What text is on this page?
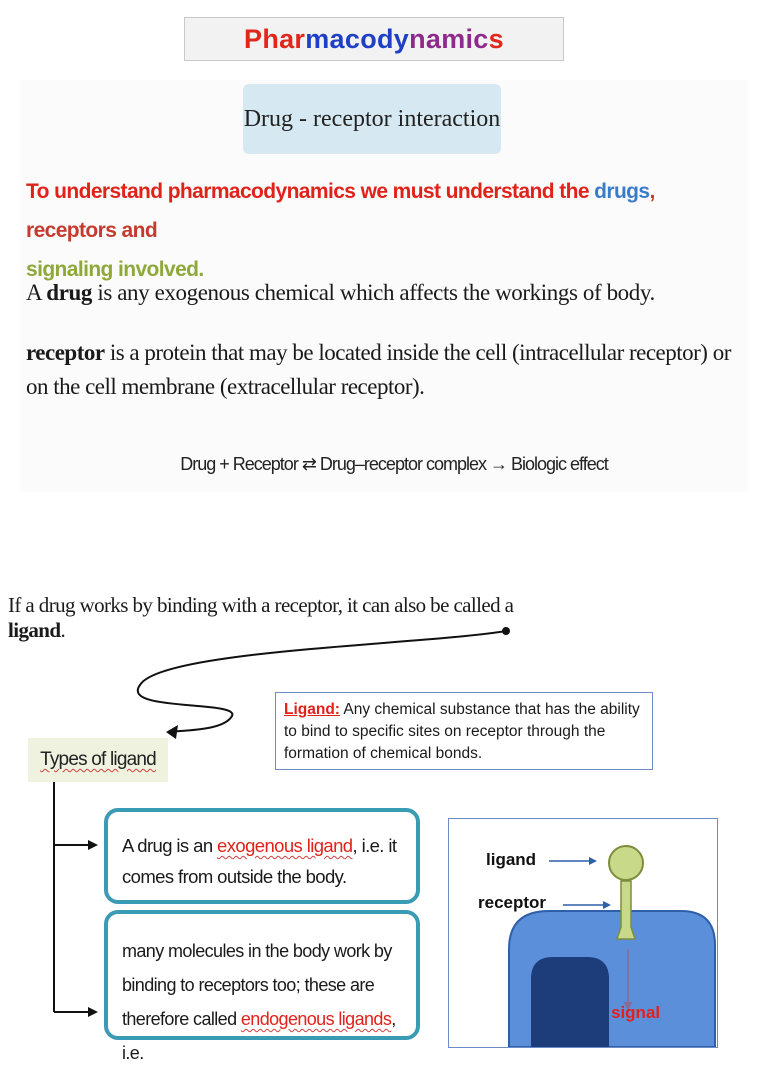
Phar macody namic s
Drug - receptor interaction
To understand pharmacodynamics we must understand the drugs, receptors and
signaling involved.
A drug is any exogenous chemical which affects the workings of body.
receptor is a protein that may be located inside the cell (intracellular receptor) or on the cell membrane (extracellular receptor).
Drug + Receptor ⇄ Drug–receptor complex → Biologic effect
If a drug works by binding with a receptor, it can also be called a ligand.
Ligand: Any chemical substance that has the ability to bind to specific sites on receptor through the formation of chemical bonds.
Types of ligand
A drug is an exogenous ligand, i.e. it comes from outside the body.
many molecules in the body work by binding to receptors too; these are therefore called endogenous ligands, i.e.
ligand
receptor
signal
